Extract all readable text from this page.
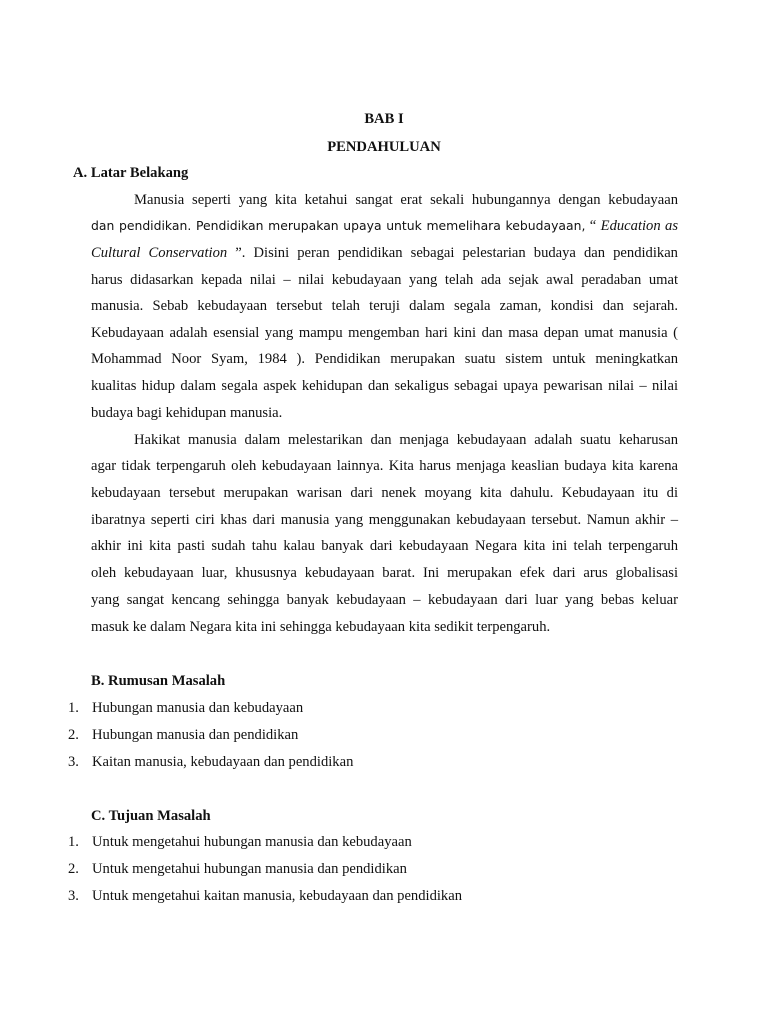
BAB I
PENDAHULUAN
A. Latar Belakang
Manusia seperti yang kita ketahui sangat erat sekali hubungannya dengan kebudayaan
dan pendidikan. Pendidikan merupakan upaya untuk memelihara kebudayaan, “ Education as
Cultural Conservation ”. Disini peran pendidikan sebagai pelestarian budaya dan pendidikan
harus didasarkan kepada nilai – nilai kebudayaan yang telah ada sejak awal peradaban umat
manusia. Sebab kebudayaan tersebut telah teruji dalam segala zaman, kondisi dan sejarah.
Kebudayaan adalah esensial yang mampu mengemban hari kini dan masa depan umat manusia (
Mohammad Noor Syam, 1984 ). Pendidikan merupakan suatu sistem untuk meningkatkan
kualitas hidup dalam segala aspek kehidupan dan sekaligus sebagai upaya pewarisan nilai – nilai
budaya bagi kehidupan manusia.
Hakikat manusia dalam melestarikan dan menjaga kebudayaan adalah suatu keharusan
agar tidak terpengaruh oleh kebudayaan lainnya. Kita harus menjaga keaslian budaya kita karena
kebudayaan tersebut merupakan warisan dari nenek moyang kita dahulu. Kebudayaan itu di
ibaratnya seperti ciri khas dari manusia yang menggunakan kebudayaan tersebut. Namun akhir –
akhir ini kita pasti sudah tahu kalau banyak dari kebudayaan Negara kita ini telah terpengaruh
oleh kebudayaan luar, khususnya kebudayaan barat. Ini merupakan efek dari arus globalisasi
yang sangat kencang sehingga banyak kebudayaan – kebudayaan dari luar yang bebas keluar
masuk ke dalam Negara kita ini sehingga kebudayaan kita sedikit terpengaruh.
B. Rumusan Masalah
1. Hubungan manusia dan kebudayaan
2. Hubungan manusia dan pendidikan
3. Kaitan manusia, kebudayaan dan pendidikan
C. Tujuan Masalah
1. Untuk mengetahui hubungan manusia dan kebudayaan
2. Untuk mengetahui hubungan manusia dan pendidikan
3. Untuk mengetahui kaitan manusia, kebudayaan dan pendidikan
